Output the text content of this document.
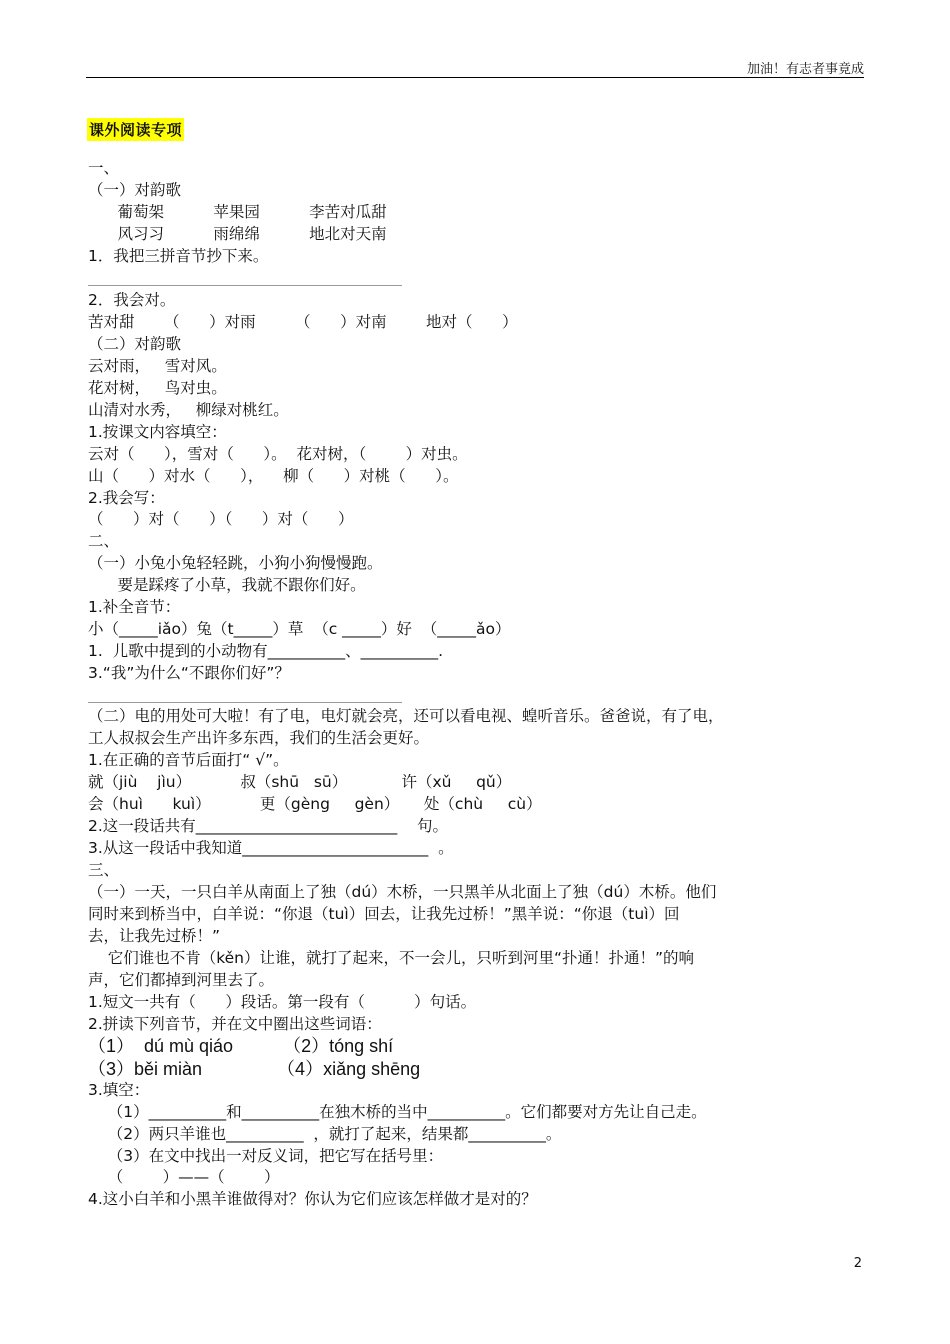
加油！有志者事竟成
课外阅读专项
一、
（一）对韵歌
葡萄架          苹果园          李苦对瓜甜
风习习          雨绵绵          地北对天南
1．我把三拼音节抄下来。
2．我会对。
苦对甜      （      ）对雨        （      ）对南        地对（      ）
（二）对韵歌
云对雨，   雪对风。
花对树，   鸟对虫。
山清对水秀，   柳绿对桃红。
1.按课文内容填空：
云对（      ），雪对（      ）。  花对树，（        ）对虫。
山（      ）对水（      ），    柳（      ）对桃（      ）。
2.我会写：
（      ）对（      ）（      ）对（      ）
二、
（一）小兔小兔轻轻跳，小狗小狗慢慢跑。
要是踩疼了小草，我就不跟你们好。
1.补全音节：
小（_____iǎo）兔（t_____）草  （c _____）好  （_____ǎo）
1.  儿歌中提到的小动物有__________、__________.
3.“我”为什么“不跟你们好”？
（二）电的用处可大啦！有了电，电灯就会亮，还可以看电视、蝗听音乐。爸爸说，有了电，
工人叔叔会生产出许多东西，我们的生活会更好。
1.在正确的音节后面打“ √”。
就（jiù    jìu）          叔（shū   sū）           许（xǔ     qǔ）
会（huì      kuì）          更（gèng     gèn）     处（chù     cù）
2.这一段话共有__________________________    句。
3.从这一段话中我知道________________________  。
三、
（一）一天，一只白羊从南面上了独（dú）木桥，一只黑羊从北面上了独（dú）木桥。他们
同时来到桥当中，白羊说：“你退（tuì）回去，让我先过桥！”黑羊说：“你退（tuì）回
去，让我先过桥！”
它们谁也不肯（kěn）让谁，就打了起来，不一会儿，只听到河里“扑通！扑通！”的响
声，它们都掉到河里去了。
1.短文一共有（      ）段话。第一段有（          ）句话。
2.拼读下列音节，并在文中圈出这些词语：
（1）  dú mù qiáo          （2）tóng shí
（3）běi miàn               （4）xiǎng shēng
3.填空：
（1）__________和__________在独木桥的当中__________。它们都要对方先让自己走。
（2）两只羊谁也__________  ，就打了起来，结果都__________。
（3）在文中找出一对反义词，把它写在括号里：
（        ）——（        ）
4.这小白羊和小黑羊谁做得对？你认为它们应该怎样做才是对的？
2
